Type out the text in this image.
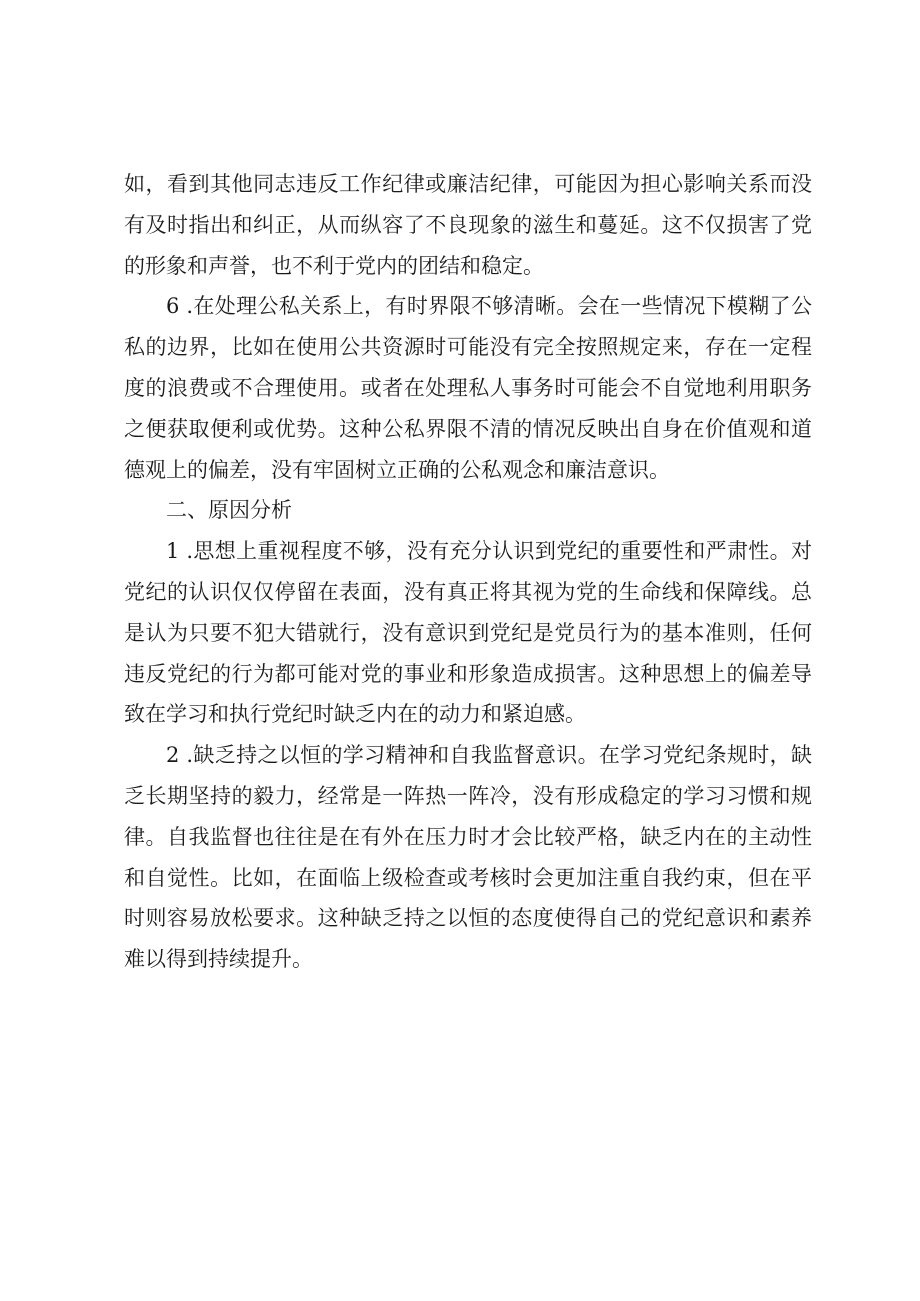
如，看到其他同志违反工作纪律或廉洁纪律，可能因为担心影响关系而没有及时指出和纠正，从而纵容了不良现象的滋生和蔓延。这不仅损害了党的形象和声誉，也不利于党内的团结和稳定。

6 .在处理公私关系上，有时界限不够清晰。会在一些情况下模糊了公私的边界，比如在使用公共资源时可能没有完全按照规定来，存在一定程度的浪费或不合理使用。或者在处理私人事务时可能会不自觉地利用职务之便获取便利或优势。这种公私界限不清的情况反映出自身在价值观和道德观上的偏差，没有牢固树立正确的公私观念和廉洁意识。

二、原因分析

1 .思想上重视程度不够，没有充分认识到党纪的重要性和严肃性。对党纪的认识仅仅停留在表面，没有真正将其视为党的生命线和保障线。总是认为只要不犯大错就行，没有意识到党纪是党员行为的基本准则，任何违反党纪的行为都可能对党的事业和形象造成损害。这种思想上的偏差导致在学习和执行党纪时缺乏内在的动力和紧迫感。

2 .缺乏持之以恒的学习精神和自我监督意识。在学习党纪条规时，缺乏长期坚持的毅力，经常是一阵热一阵冷，没有形成稳定的学习习惯和规律。自我监督也往往是在有外在压力时才会比较严格，缺乏内在的主动性和自觉性。比如，在面临上级检查或考核时会更加注重自我约束，但在平时则容易放松要求。这种缺乏持之以恒的态度使得自己的党纪意识和素养难以得到持续提升。
